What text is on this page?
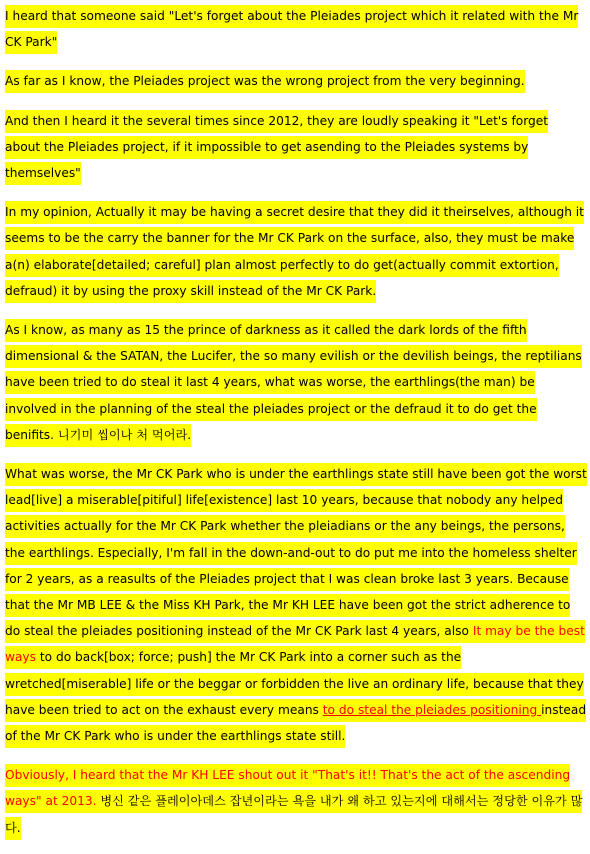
I heard that someone said "Let's forget about the Pleiades project which it related with the Mr CK Park"

As far as I know, the Pleiades project was the wrong project from the very beginning.

And then I heard it the several times since 2012, they are loudly speaking it "Let's forget about the Pleiades project, if it impossible to get asending to the Pleiades systems by themselves"

In my opinion, Actually it may be having a secret desire that they did it theirselves, although it seems to be the carry the banner for the Mr CK Park on the surface, also, they must be make a(n) elaborate[detailed; careful] plan almost perfectly to do get(actually commit extortion, defraud) it by using the proxy skill instead of the Mr CK Park.

As I know, as many as 15 the prince of darkness as it called the dark lords of the fifth dimensional & the SATAN, the Lucifer, the so many evilish or the devilish beings, the reptilians have been tried to do steal it last 4 years, what was worse, the earthlings(the man) be involved in the planning of the steal the pleiades project or the defraud it to do get the benifits. 니기미 씹이나 처 먹어라.

What was worse, the Mr CK Park who is under the earthlings state still have been got the worst lead[live] a miserable[pitiful] life[existence] last 10 years, because that nobody any helped activities actually for the Mr CK Park whether the pleiadians or the any beings, the persons, the earthlings. Especially, I'm fall in the down-and-out to do put me into the homeless shelter for 2 years, as a reasults of the Pleiades project that I was clean broke last 3 years. Because that the Mr MB LEE & the Miss KH Park, the Mr KH LEE have been got the strict adherence to do steal the pleiades positioning instead of the Mr CK Park last 4 years, also It may be the best ways to do back[box; force; push] the Mr CK Park into a corner such as the wretched[miserable] life or the beggar or forbidden the live an ordinary life, because that they have been tried to act on the exhaust every means to do steal the pleiades positioning instead of the Mr CK Park who is under the earthlings state still.

Obviously, I heard that the Mr KH LEE shout out it "That's it!! That's the act of the ascending ways" at 2013. 병신 같은 플레이아데스 잡년이라는 욕을 내가 왜 하고 있는지에 대해서는 정당한 이유가 많다.
